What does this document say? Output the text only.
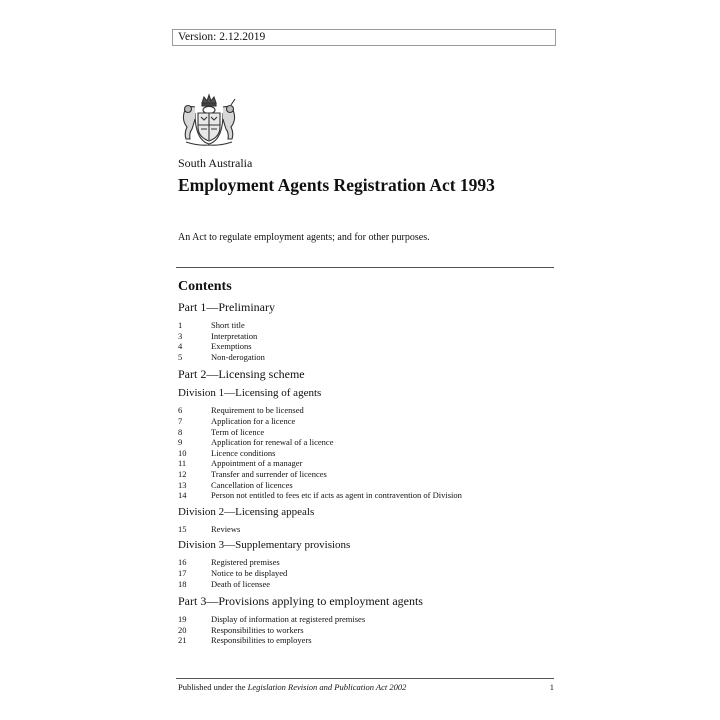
Version: 2.12.2019
South Australia
Employment Agents Registration Act 1993
An Act to regulate employment agents; and for other purposes.
Contents
Part 1—Preliminary
1	Short title
3	Interpretation
4	Exemptions
5	Non-derogation
Part 2—Licensing scheme
Division 1—Licensing of agents
6	Requirement to be licensed
7	Application for a licence
8	Term of licence
9	Application for renewal of a licence
10	Licence conditions
11	Appointment of a manager
12	Transfer and surrender of licences
13	Cancellation of licences
14	Person not entitled to fees etc if acts as agent in contravention of Division
Division 2—Licensing appeals
15	Reviews
Division 3—Supplementary provisions
16	Registered premises
17	Notice to be displayed
18	Death of licensee
Part 3—Provisions applying to employment agents
19	Display of information at registered premises
20	Responsibilities to workers
21	Responsibilities to employers
Published under the Legislation Revision and Publication Act 2002	1
